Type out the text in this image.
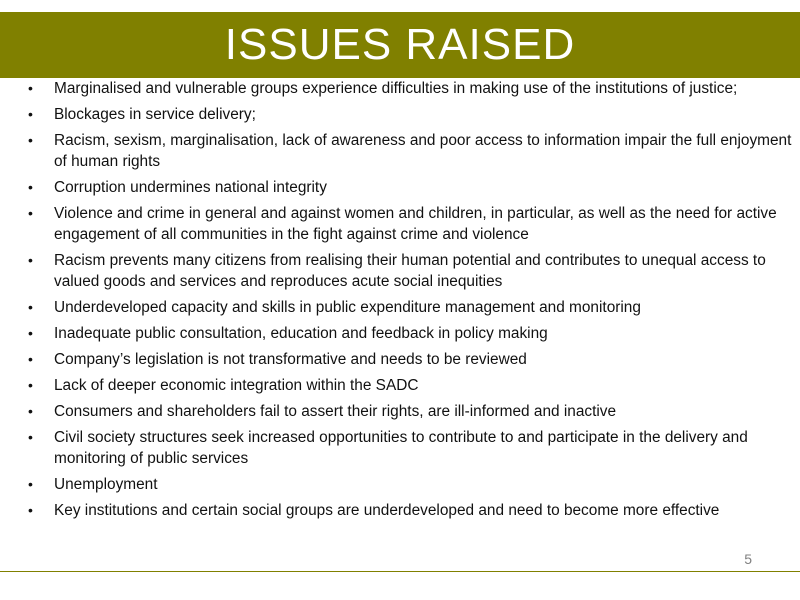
ISSUES RAISED
• Marginalised and vulnerable groups experience difficulties in making use of the institutions of justice;
• Blockages in service delivery;
• Racism, sexism, marginalisation, lack of awareness and poor access to information impair the full enjoyment of human rights
• Corruption undermines national integrity
• Violence and crime in general and against women and children, in particular, as well as the need for active engagement of all communities in the fight against crime and violence
• Racism prevents many citizens from realising their human potential and contributes to unequal access to valued goods and services and reproduces acute social inequities
• Underdeveloped capacity and skills in public expenditure management and monitoring
• Inadequate public consultation, education and feedback in policy making
• Company’s legislation is not transformative and needs to be reviewed
• Lack of deeper economic integration within the SADC
• Consumers and shareholders fail to assert their rights, are ill-informed and inactive
• Civil society structures seek increased opportunities to contribute to and participate in the delivery and monitoring of public services
• Unemployment
• Key institutions and certain social groups are underdeveloped and need to become more effective
5
